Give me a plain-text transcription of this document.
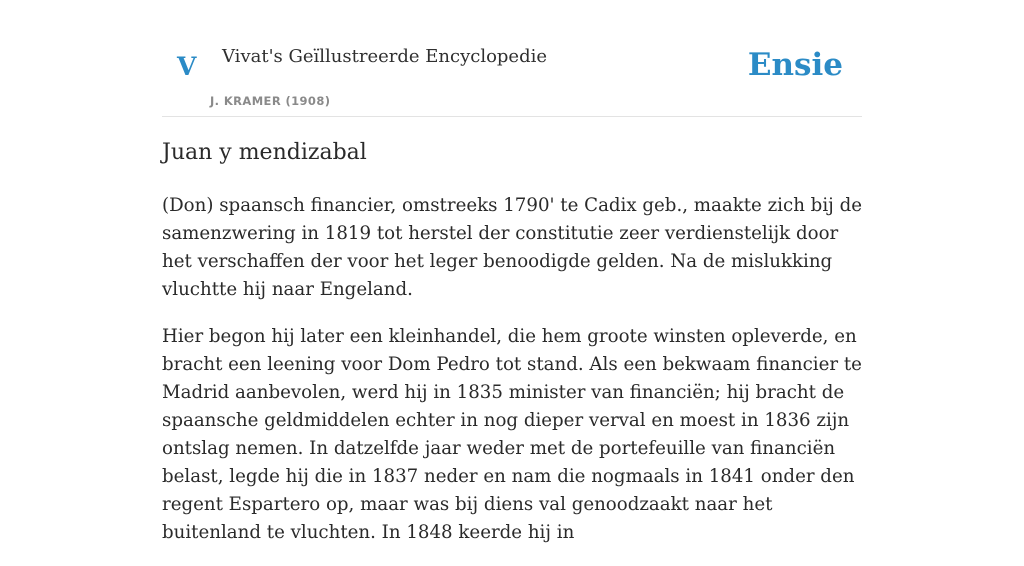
V Vivat's Geïllustreerde Encyclopedie
J. KRAMER (1908)
Ensie
Juan y mendizabal

(Don) spaansch financier, omstreeks 1790' te Cadix geb., maakte zich bij de samenzwering in 1819 tot herstel der constitutie zeer verdienstelijk door het verschaffen der voor het leger benoodigde gelden. Na de mislukking vluchtte hij naar Engeland.

Hier begon hij later een kleinhandel, die hem groote winsten opleverde, en bracht een leening voor Dom Pedro tot stand. Als een bekwaam financier te Madrid aanbevolen, werd hij in 1835 minister van financiën; hij bracht de spaansche geldmiddelen echter in nog dieper verval en moest in 1836 zijn ontslag nemen. In datzelfde jaar weder met de portefeuille van financiën belast, legde hij die in 1837 neder en nam die nogmaals in 1841 onder den regent Espartero op, maar was bij diens val genoodzaakt naar het buitenland te vluchten. In 1848 keerde hij in
